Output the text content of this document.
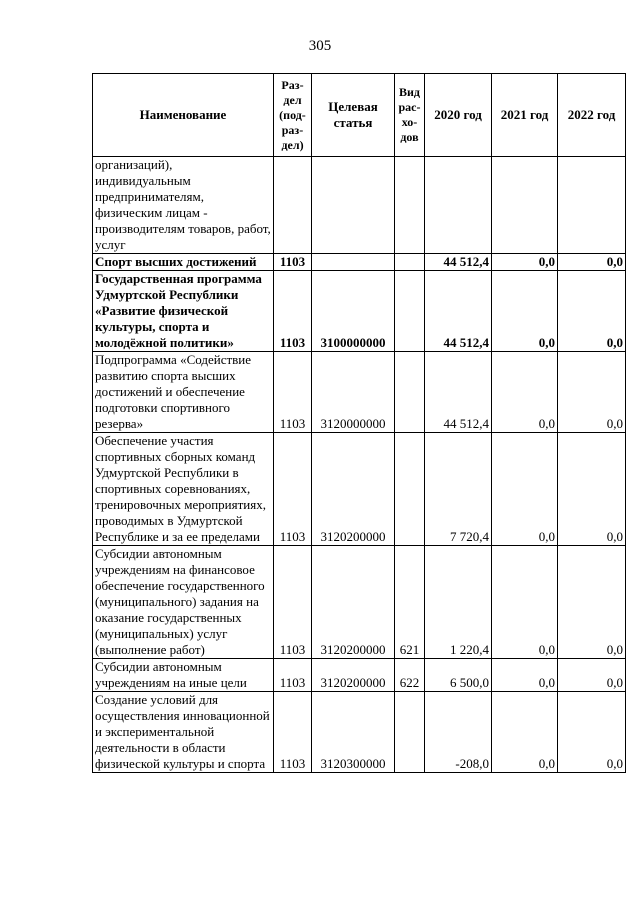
305
Наименование	Раз-дел (под-раз-дел)	Целевая статья	Вид рас-хо-дов	2020 год	2021 год	2022 год
организаций), индивидуальным предпринимателям, физическим лицам - производителям товаров, работ, услуг						
Спорт высших достижений	1103			44 512,4	0,0	0,0
Государственная программа Удмуртской Республики «Развитие физической культуры, спорта и молодёжной политики»	1103	3100000000		44 512,4	0,0	0,0
Подпрограмма «Содействие развитию спорта высших достижений и обеспечение подготовки спортивного резерва»	1103	3120000000		44 512,4	0,0	0,0
Обеспечение участия спортивных сборных команд Удмуртской Республики в спортивных соревнованиях, тренировочных мероприятиях, проводимых в Удмуртской Республике и за ее пределами	1103	3120200000		7 720,4	0,0	0,0
Субсидии автономным учреждениям на финансовое обеспечение государственного (муниципального) задания на оказание государственных (муниципальных) услуг (выполнение работ)	1103	3120200000	621	1 220,4	0,0	0,0
Субсидии автономным учреждениям на иные цели	1103	3120200000	622	6 500,0	0,0	0,0
Создание условий для осуществления инновационной и экспериментальной деятельности в области физической культуры и спорта	1103	3120300000		-208,0	0,0	0,0
